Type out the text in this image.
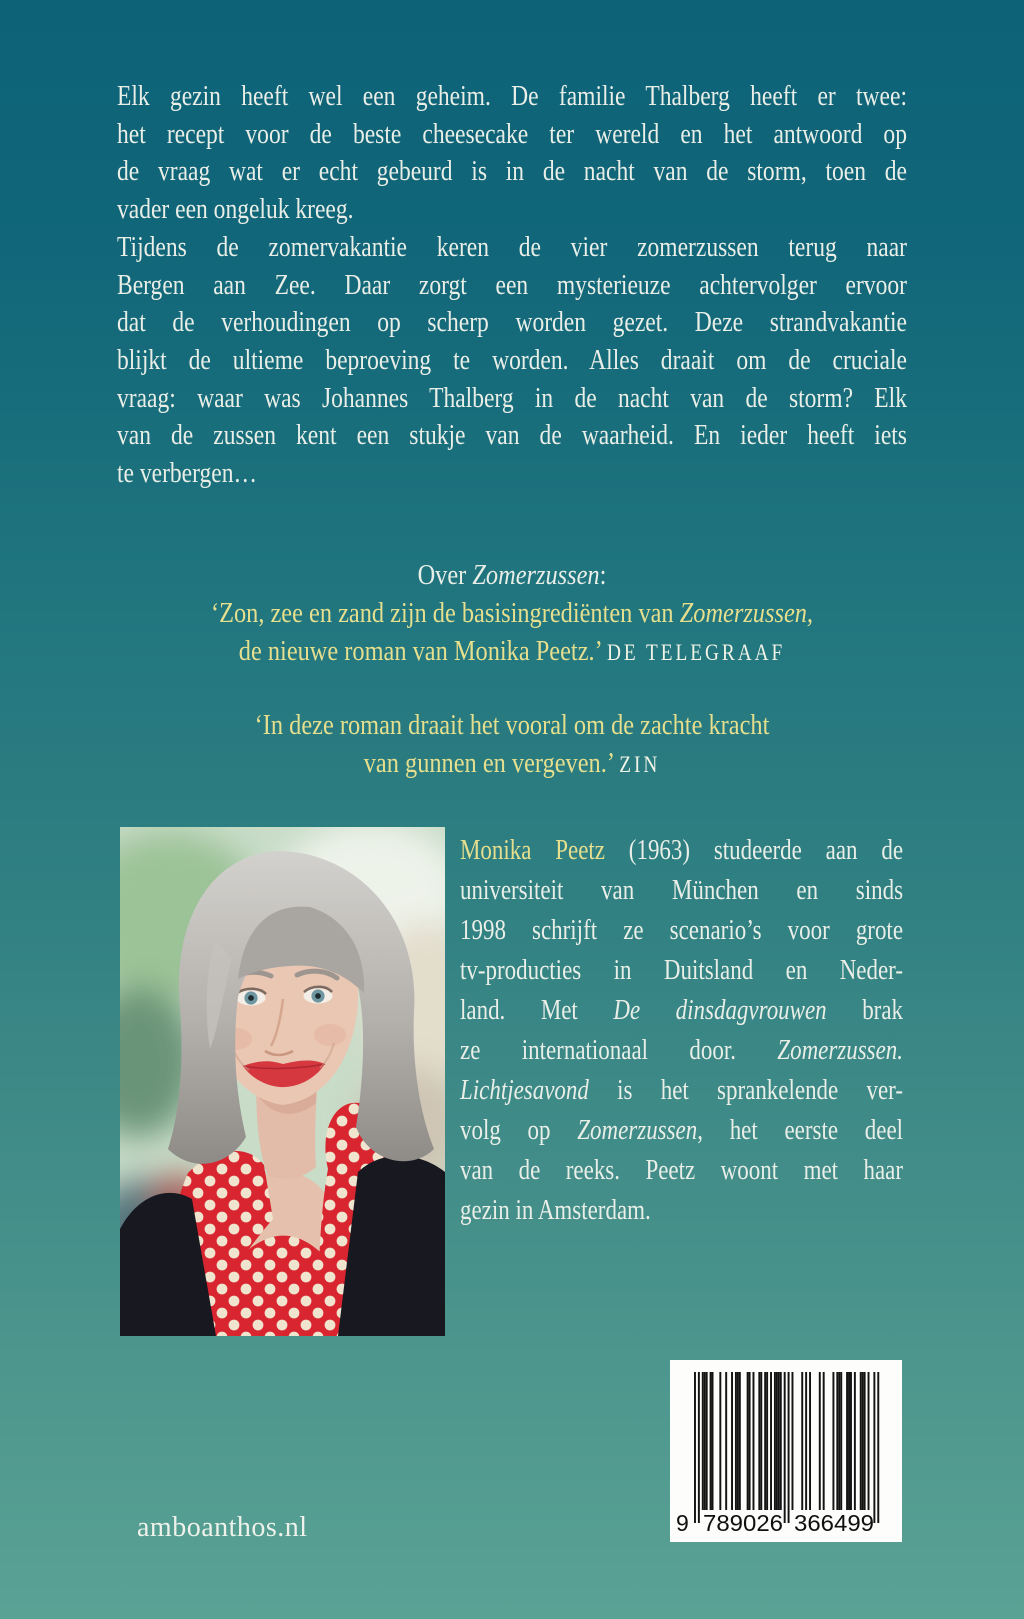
Elk gezin heeft wel een geheim. De familie Thalberg heeft er twee:
het recept voor de beste cheesecake ter wereld en het antwoord op
de vraag wat er echt gebeurd is in de nacht van de storm, toen de
vader een ongeluk kreeg.
Tijdens de zomervakantie keren de vier zomerzussen terug naar
Bergen aan Zee. Daar zorgt een mysterieuze achtervolger ervoor
dat de verhoudingen op scherp worden gezet. Deze strandvakantie
blijkt de ultieme beproeving te worden. Alles draait om de cruciale
vraag: waar was Johannes Thalberg in de nacht van de storm? Elk
van de zussen kent een stukje van de waarheid. En ieder heeft iets
te verbergen…
Over Zomerzussen:
‘Zon, zee en zand zijn de basisingrediënten van Zomerzussen,
de nieuwe roman van Monika Peetz.’ DE TELEGRAAF
‘In deze roman draait het vooral om de zachte kracht
van gunnen en vergeven.’ ZIN
Monika Peetz (1963) studeerde aan de
universiteit van München en sinds
1998 schrijft ze scenario’s voor grote
tv-producties in Duitsland en Neder-
land. Met De dinsdagvrouwen brak
ze internationaal door. Zomerzussen.
Lichtjesavond is het sprankelende ver-
volg op Zomerzussen, het eerste deel
van de reeks. Peetz woont met haar
gezin in Amsterdam.
amboanthos.nl	9 789026 366499
